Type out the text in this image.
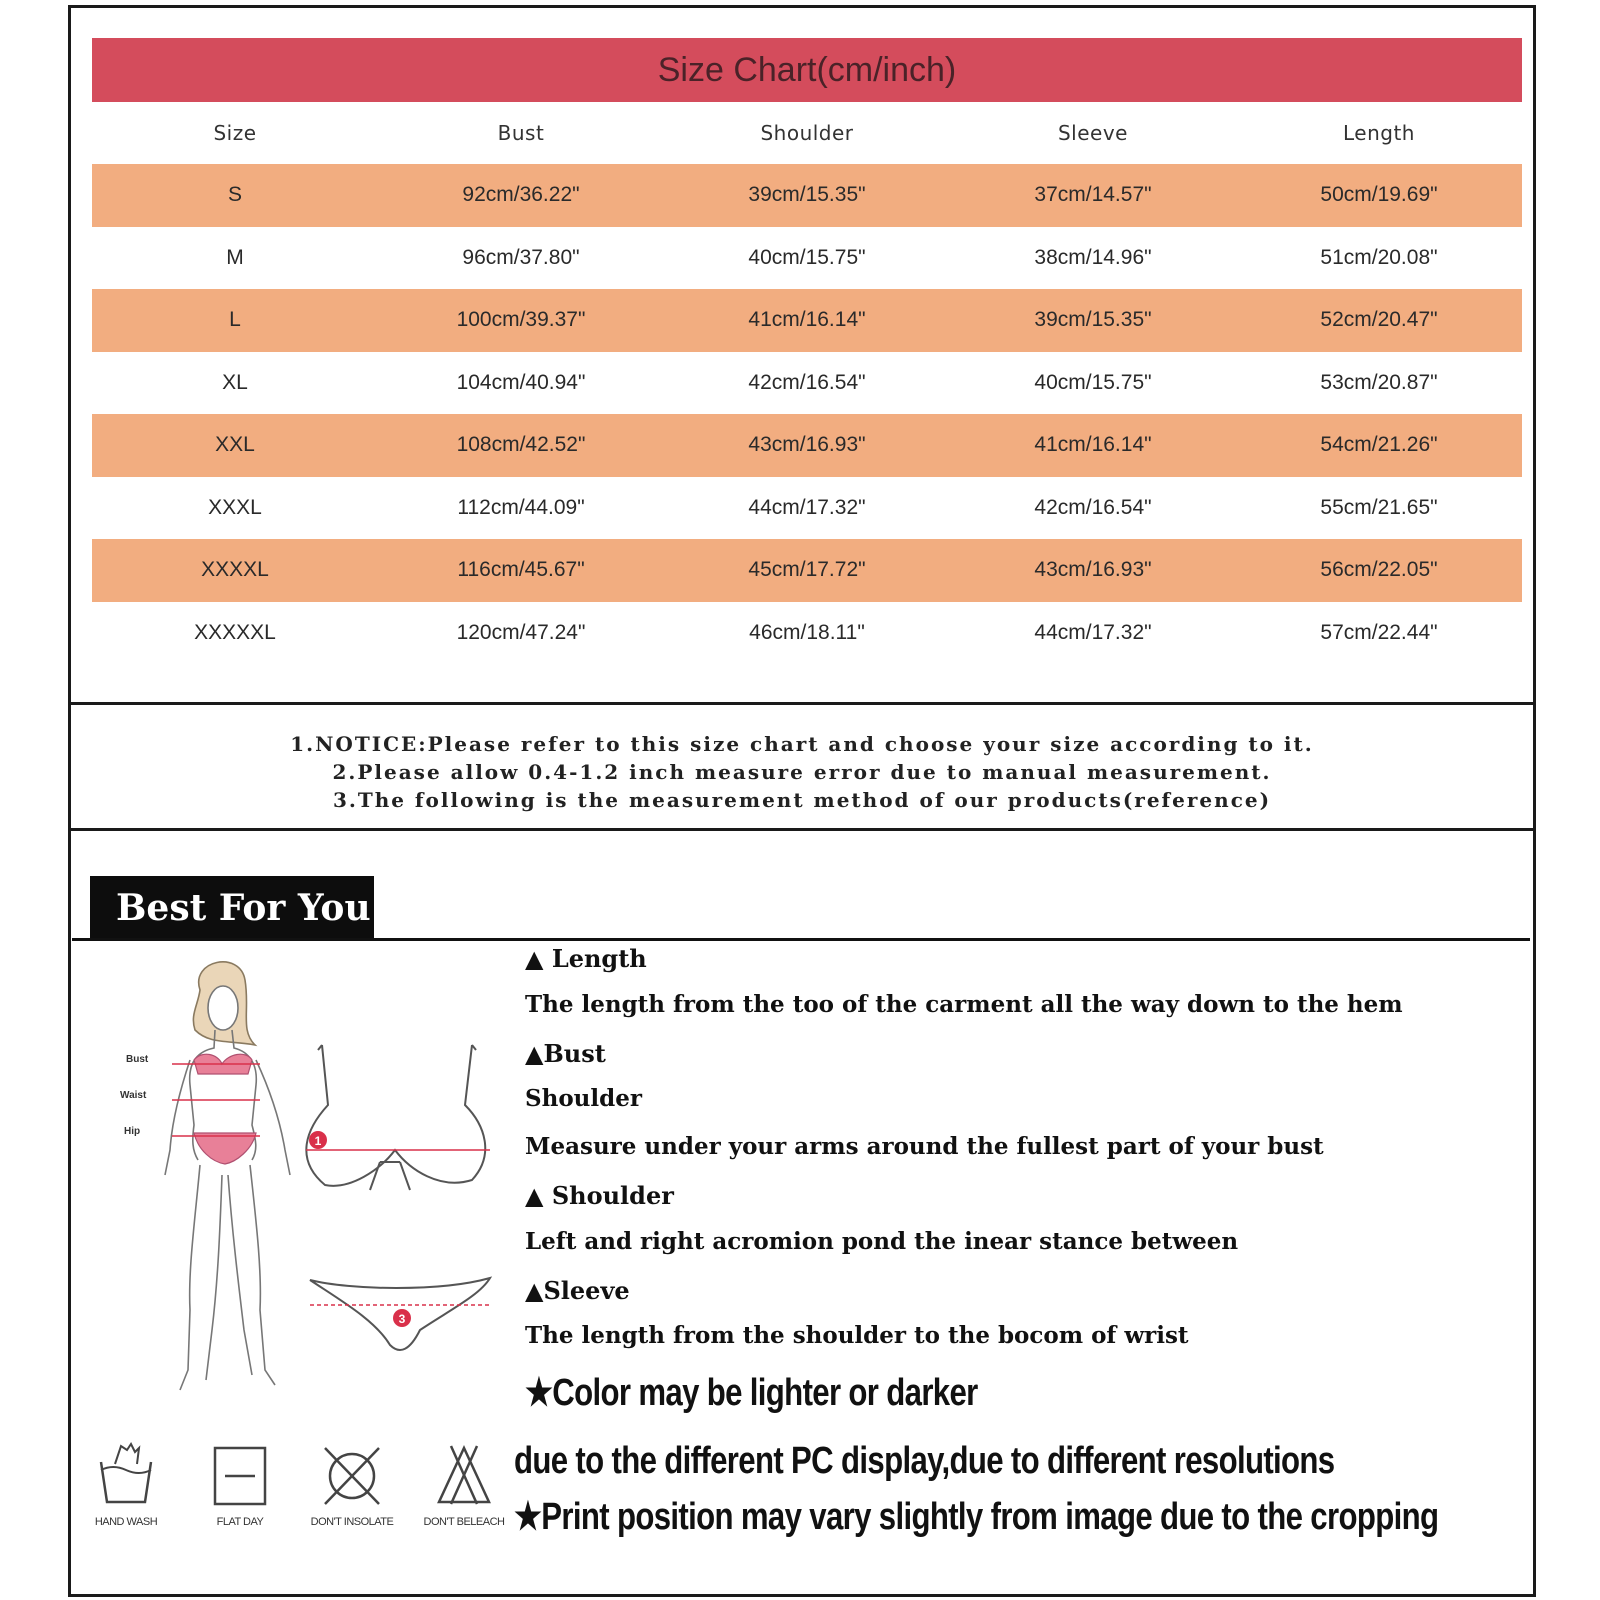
Size Chart(cm/inch)
Size	Bust	Shoulder	Sleeve	Length
S	92cm/36.22"	39cm/15.35"	37cm/14.57"	50cm/19.69"
M	96cm/37.80"	40cm/15.75"	38cm/14.96"	51cm/20.08"
L	100cm/39.37"	41cm/16.14"	39cm/15.35"	52cm/20.47"
XL	104cm/40.94"	42cm/16.54"	40cm/15.75"	53cm/20.87"
XXL	108cm/42.52"	43cm/16.93"	41cm/16.14"	54cm/21.26"
XXXL	112cm/44.09"	44cm/17.32"	42cm/16.54"	55cm/21.65"
XXXXL	116cm/45.67"	45cm/17.72"	43cm/16.93"	56cm/22.05"
XXXXXL	120cm/47.24"	46cm/18.11"	44cm/17.32"	57cm/22.44"
1.NOTICE:Please refer to this size chart and choose your size according to it.
2.Please allow 0.4-1.2 inch measure error due to manual measurement.
3.The following is the measurement method of our products(reference)
Best For You
Bust
Waist
Hip
1
3
▲ Length
The length from the too of the carment all the way down to the hem
▲Bust
Shoulder
Measure under your arms around the fullest part of your bust
▲ Shoulder
Left and right acromion pond the inear stance between
▲Sleeve
The length from the shoulder to the bocom of wrist
★Color may be lighter or darker
due to the different PC display,due to different resolutions
★Print position may vary slightly from image due to the cropping
HAND WASH	FLAT DAY	DON'T INSOLATE	DON'T BELEACH
